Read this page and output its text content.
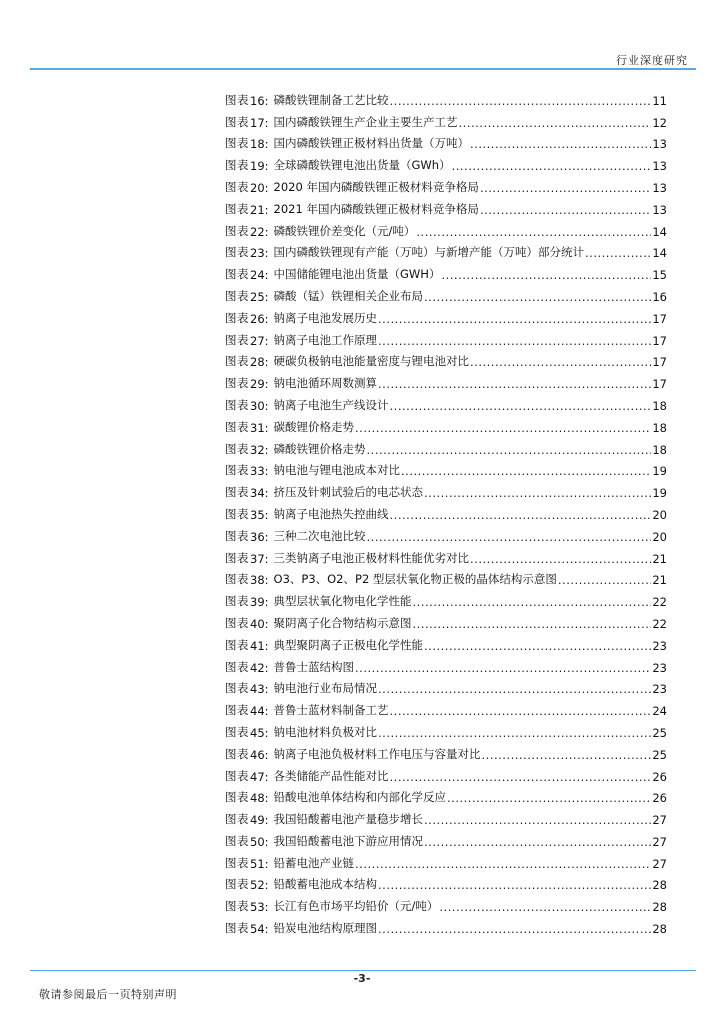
行业深度研究
图表 16: 磷酸铁锂制备工艺比较 .....	11
图表 17: 国内磷酸铁锂生产企业主要生产工艺 .....	12
图表 18: 国内磷酸铁锂正极材料出货量（万吨） .....	13
图表 19: 全球磷酸铁锂电池出货量（GWh） .....	13
图表 20: 2020 年国内磷酸铁锂正极材料竞争格局 .....	13
图表 21: 2021 年国内磷酸铁锂正极材料竞争格局 .....	13
图表 22: 磷酸铁锂价差变化（元/吨） .....	14
图表 23: 国内磷酸铁锂现有产能（万吨）与新增产能（万吨）部分统计 .....	14
图表 24: 中国储能锂电池出货量（GWH） .....	15
图表 25: 磷酸（锰）铁锂相关企业布局 .....	16
图表 26: 钠离子电池发展历史 .....	17
图表 27: 钠离子电池工作原理 .....	17
图表 28: 硬碳负极钠电池能量密度与锂电池对比 .....	17
图表 29: 钠电池循环周数测算 .....	17
图表 30: 钠离子电池生产线设计 .....	18
图表 31: 碳酸锂价格走势 .....	18
图表 32: 磷酸铁锂价格走势 .....	18
图表 33: 钠电池与锂电池成本对比 .....	19
图表 34: 挤压及针刺试验后的电芯状态 .....	19
图表 35: 钠离子电池热失控曲线 .....	20
图表 36: 三种二次电池比较 .....	20
图表 37: 三类钠离子电池正极材料性能优劣对比 .....	21
图表 38: O3、P3、O2、P2 型层状氧化物正极的晶体结构示意图 .....	21
图表 39: 典型层状氧化物电化学性能 .....	22
图表 40: 聚阴离子化合物结构示意图 .....	22
图表 41: 典型聚阴离子正极电化学性能 .....	23
图表 42: 普鲁士蓝结构图 .....	23
图表 43: 钠电池行业布局情况 .....	23
图表 44: 普鲁士蓝材料制备工艺 .....	24
图表 45: 钠电池材料负极对比 .....	25
图表 46: 钠离子电池负极材料工作电压与容量对比 .....	25
图表 47: 各类储能产品性能对比 .....	26
图表 48: 铅酸电池单体结构和内部化学反应 .....	26
图表 49: 我国铅酸蓄电池产量稳步增长 .....	27
图表 50: 我国铅酸蓄电池下游应用情况 .....	27
图表 51: 铅蓄电池产业链 .....	27
图表 52: 铅酸蓄电池成本结构 .....	28
图表 53: 长江有色市场平均铅价（元/吨） .....	28
图表 54: 铅炭电池结构原理图 .....	28
-3-
敬请参阅最后一页特别声明
